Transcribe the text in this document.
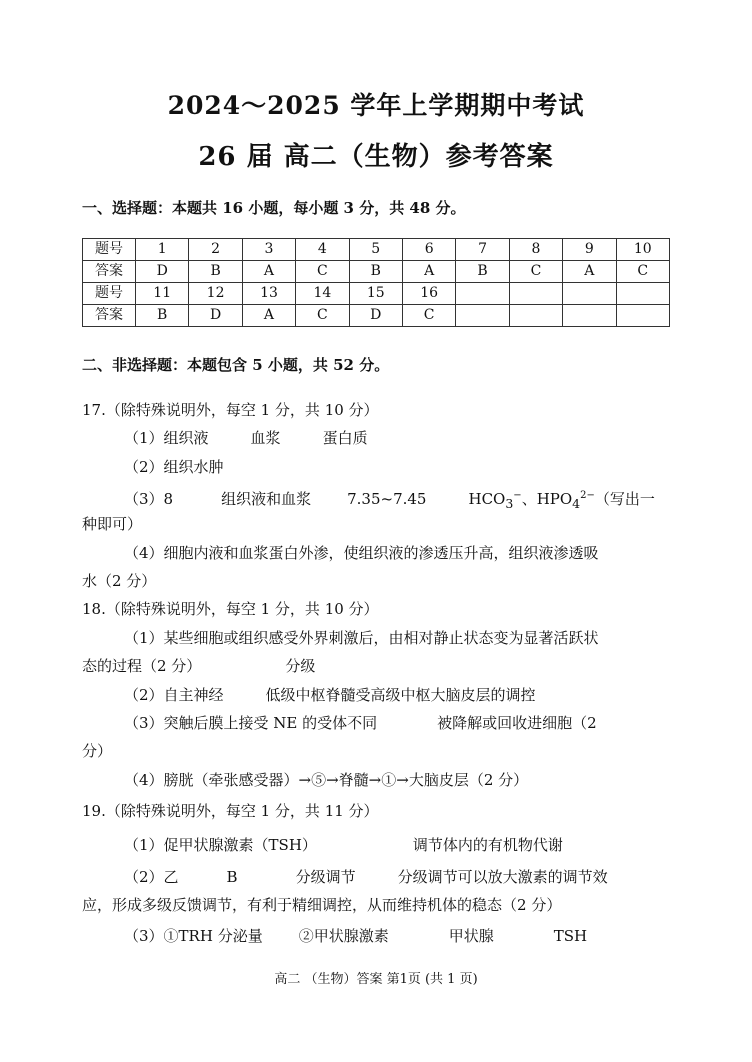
2024～2025 学年上学期期中考试
26 届 高二（生物）参考答案
一、选择题：本题共 16 小题，每小题 3 分，共 48 分。
题号	1	2	3	4	5	6	7	8	9	10
答案	D	B	A	C	B	A	B	C	A	C
题号	11	12	13	14	15	16				
答案	B	D	A	C	D	C				
二、非选择题：本题包含 5 小题，共 52 分。
17.（除特殊说明外，每空 1 分，共 10 分）
（1）组织液	血浆	蛋白质
（2）组织水肿
（3）8	组织液和血浆 7.35~7.45	$HCO_3^-$、$HPO_4^{2-}$（写出一
种即可）
（4）细胞内液和血浆蛋白外渗，使组织液的渗透压升高，组织液渗透吸
水（2 分）
18.（除特殊说明外，每空 1 分，共 10 分）
（1）某些细胞或组织感受外界刺激后，由相对静止状态变为显著活跃状
态的过程（2 分）	分级
（2）自主神经	低级中枢脊髓受高级中枢大脑皮层的调控
（3）突触后膜上接受 NE 的受体不同	被降解或回收进细胞（2
分）
（4）膀胱（牵张感受器）→⑤→脊髓→①→大脑皮层（2 分）
19.（除特殊说明外，每空 1 分，共 11 分）
（1）促甲状腺激素（TSH）	调节体内的有机物代谢
（2）乙	B	分级调节	分级调节可以放大激素的调节效
应，形成多级反馈调节，有利于精细调控，从而维持机体的稳态（2 分）
（3）①TRH 分泌量 ②甲状腺激素	甲状腺	TSH
高二 （生物）答案 第1页 (共 1 页)
